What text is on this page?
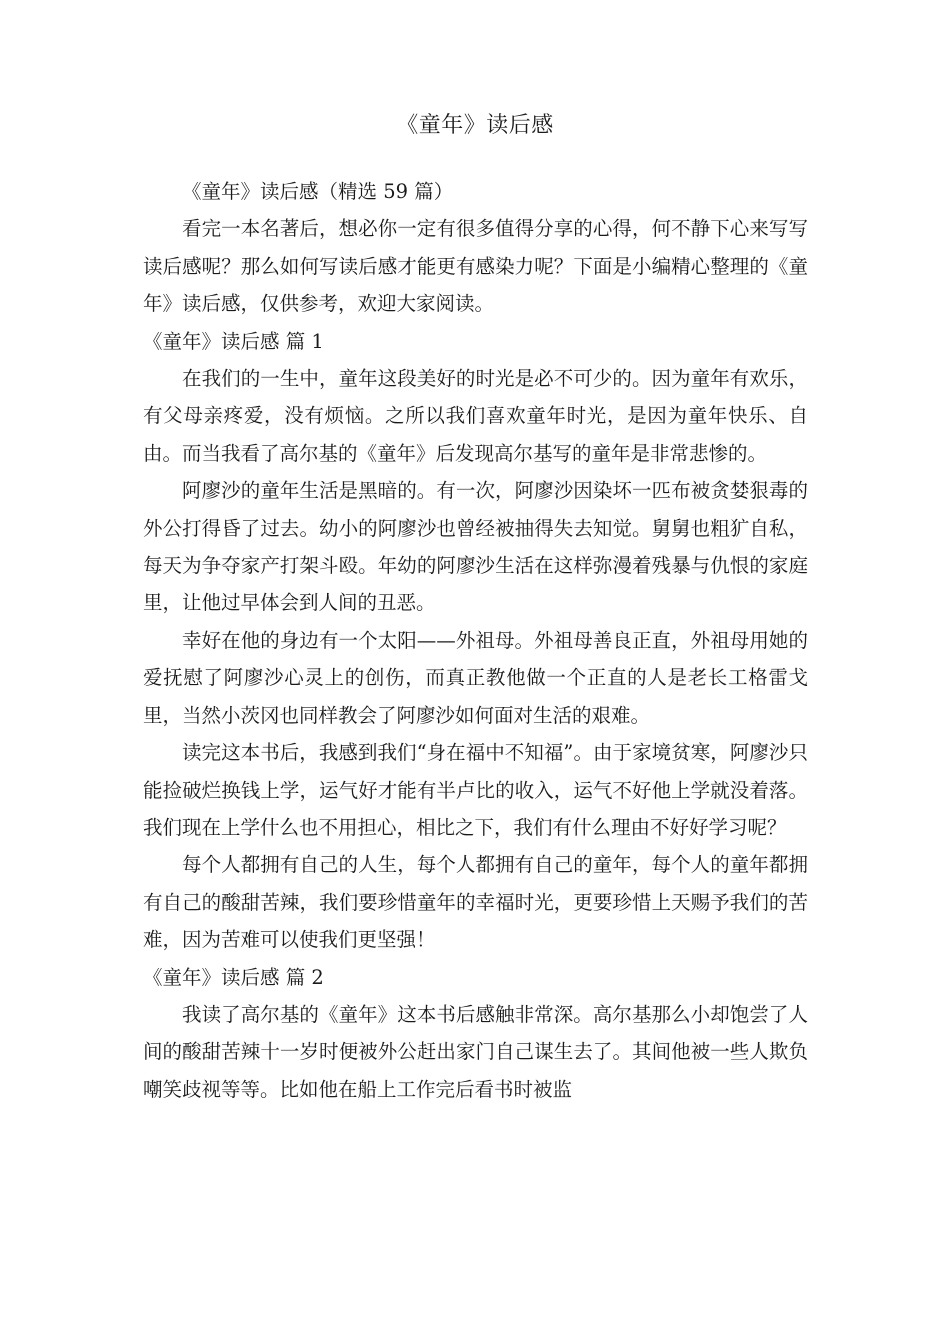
《童年》读后感

《童年》读后感（精选 59 篇）

看完一本名著后，想必你一定有很多值得分享的心得，何不静下心来写写读后感呢？那么如何写读后感才能更有感染力呢？下面是小编精心整理的《童年》读后感，仅供参考，欢迎大家阅读。

《童年》读后感 篇 1

在我们的一生中，童年这段美好的时光是必不可少的。因为童年有欢乐，有父母亲疼爱，没有烦恼。之所以我们喜欢童年时光，是因为童年快乐、自由。而当我看了高尔基的《童年》后发现高尔基写的童年是非常悲惨的。

阿廖沙的童年生活是黑暗的。有一次，阿廖沙因染坏一匹布被贪婪狠毒的外公打得昏了过去。幼小的阿廖沙也曾经被抽得失去知觉。舅舅也粗犷自私，每天为争夺家产打架斗殴。年幼的阿廖沙生活在这样弥漫着残暴与仇恨的家庭里，让他过早体会到人间的丑恶。

幸好在他的身边有一个太阳——外祖母。外祖母善良正直，外祖母用她的爱抚慰了阿廖沙心灵上的创伤，而真正教他做一个正直的人是老长工格雷戈里，当然小茨冈也同样教会了阿廖沙如何面对生活的艰难。

读完这本书后，我感到我们“身在福中不知福”。由于家境贫寒，阿廖沙只能捡破烂换钱上学，运气好才能有半卢比的收入，运气不好他上学就没着落。我们现在上学什么也不用担心，相比之下，我们有什么理由不好好学习呢？

每个人都拥有自己的人生，每个人都拥有自己的童年，每个人的童年都拥有自己的酸甜苦辣，我们要珍惜童年的幸福时光，更要珍惜上天赐予我们的苦难，因为苦难可以使我们更坚强！

《童年》读后感 篇 2

我读了高尔基的《童年》这本书后感触非常深。高尔基那么小却饱尝了人间的酸甜苦辣十一岁时便被外公赶出家门自己谋生去了。其间他被一些人欺负嘲笑歧视等等。比如他在船上工作完后看书时被监
